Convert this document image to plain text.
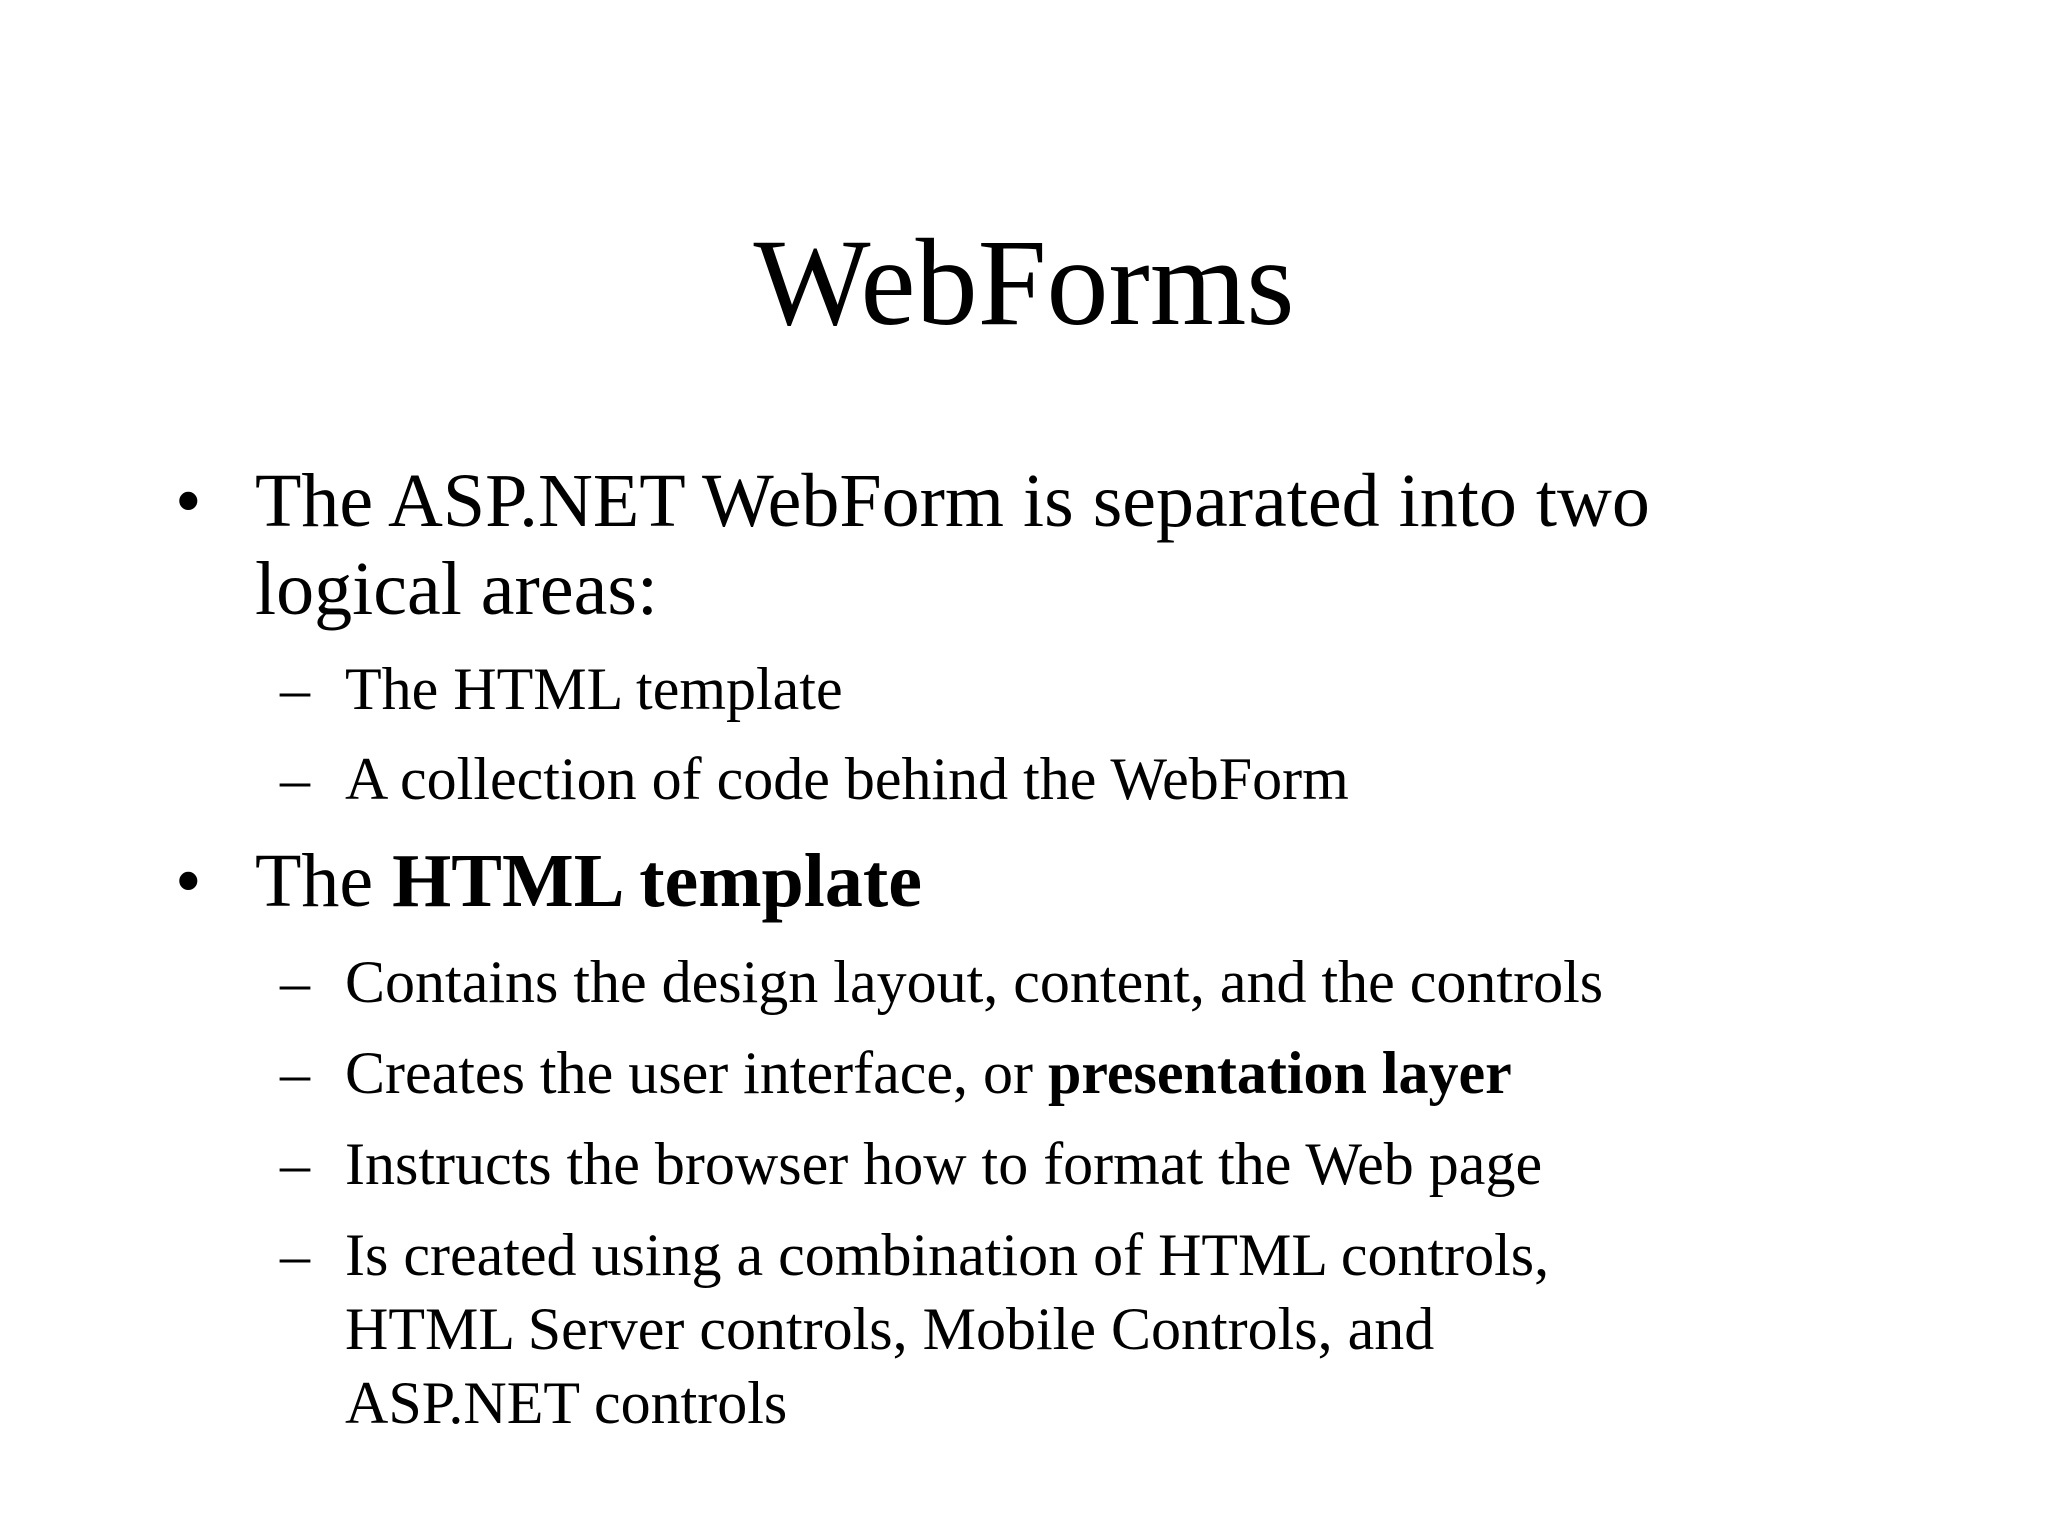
WebForms
• The ASP.NET WebForm is separated into two
logical areas:
– The HTML template
– A collection of code behind the WebForm
• The HTML template
– Contains the design layout, content, and the controls
– Creates the user interface, or presentation layer
– Instructs the browser how to format the Web page
– Is created using a combination of HTML controls,
HTML Server controls, Mobile Controls, and
ASP.NET controls
